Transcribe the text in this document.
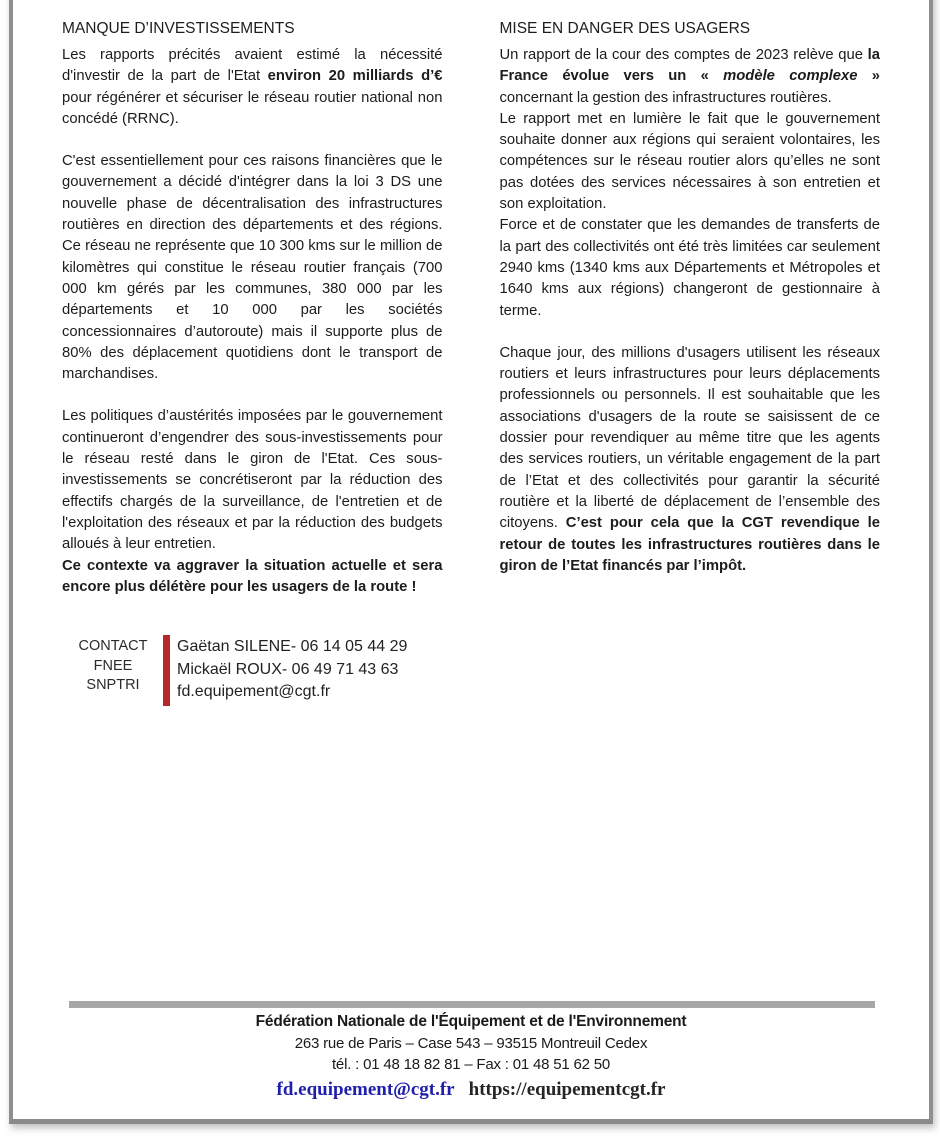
MANQUE D’INVESTISSEMENTS

Les rapports précités avaient estimé la nécessité d'investir de la part de l'Etat environ 20 milliards d’€ pour régénérer et sécuriser le réseau routier national non concédé (RRNC).

C'est essentiellement pour ces raisons financières que le gouvernement a décidé d'intégrer dans la loi 3 DS une nouvelle phase de décentralisation des infrastructures routières en direction des départements et des régions. Ce réseau ne représente que 10 300 kms sur le million de kilomètres qui constitue le réseau routier français (700 000 km gérés par les communes, 380 000 par les départements et 10 000 par les sociétés concessionnaires d’autoroute) mais il supporte plus de 80% des déplacement quotidiens dont le transport de marchandises.

Les politiques d’austérités imposées par le gouvernement continueront d’engendrer des sous-investissements pour le réseau resté dans le giron de l'Etat. Ces sous-investissements se concrétiseront par la réduction des effectifs chargés de la surveillance, de l'entretien et de l'exploitation des réseaux et par la réduction des budgets alloués à leur entretien.

Ce contexte va aggraver la situation actuelle et sera encore plus délétère pour les usagers de la route !

MISE EN DANGER DES USAGERS

Un rapport de la cour des comptes de 2023 relève que la France évolue vers un « modèle complexe » concernant la gestion des infrastructures routières.

Le rapport met en lumière le fait que le gouvernement souhaite donner aux régions qui seraient volontaires, les compétences sur le réseau routier alors qu’elles ne sont pas dotées des services nécessaires à son entretien et son exploitation.

Force et de constater que les demandes de transferts de la part des collectivités ont été très limitées car seulement 2940 kms (1340 kms aux Départements et Métropoles et 1640 kms aux régions) changeront de gestionnaire à terme.

Chaque jour, des millions d'usagers utilisent les réseaux routiers et leurs infrastructures pour leurs déplacements professionnels ou personnels. Il est souhaitable que les associations d'usagers de la route se saisissent de ce dossier pour revendiquer au même titre que les agents des services routiers, un véritable engagement de la part de l’Etat et des collectivités pour garantir la sécurité routière et la liberté de déplacement de l’ensemble des citoyens. C’est pour cela que la CGT revendique le retour de toutes les infrastructures routières dans le giron de l’Etat financés par l’impôt.

CONTACT
FNEE
SNPTRI
Gaëtan SILENE- 06 14 05 44 29
Mickaël ROUX- 06 49 71 43 63
fd.equipement@cgt.fr
Fédération Nationale de l'Équipement et de l'Environnement
263 rue de Paris – Case 543 – 93515 Montreuil Cedex
tél. : 01 48 18 82 81 – Fax : 01 48 51 62 50
fd.equipement@cgt.fr https://equipementcgt.fr
